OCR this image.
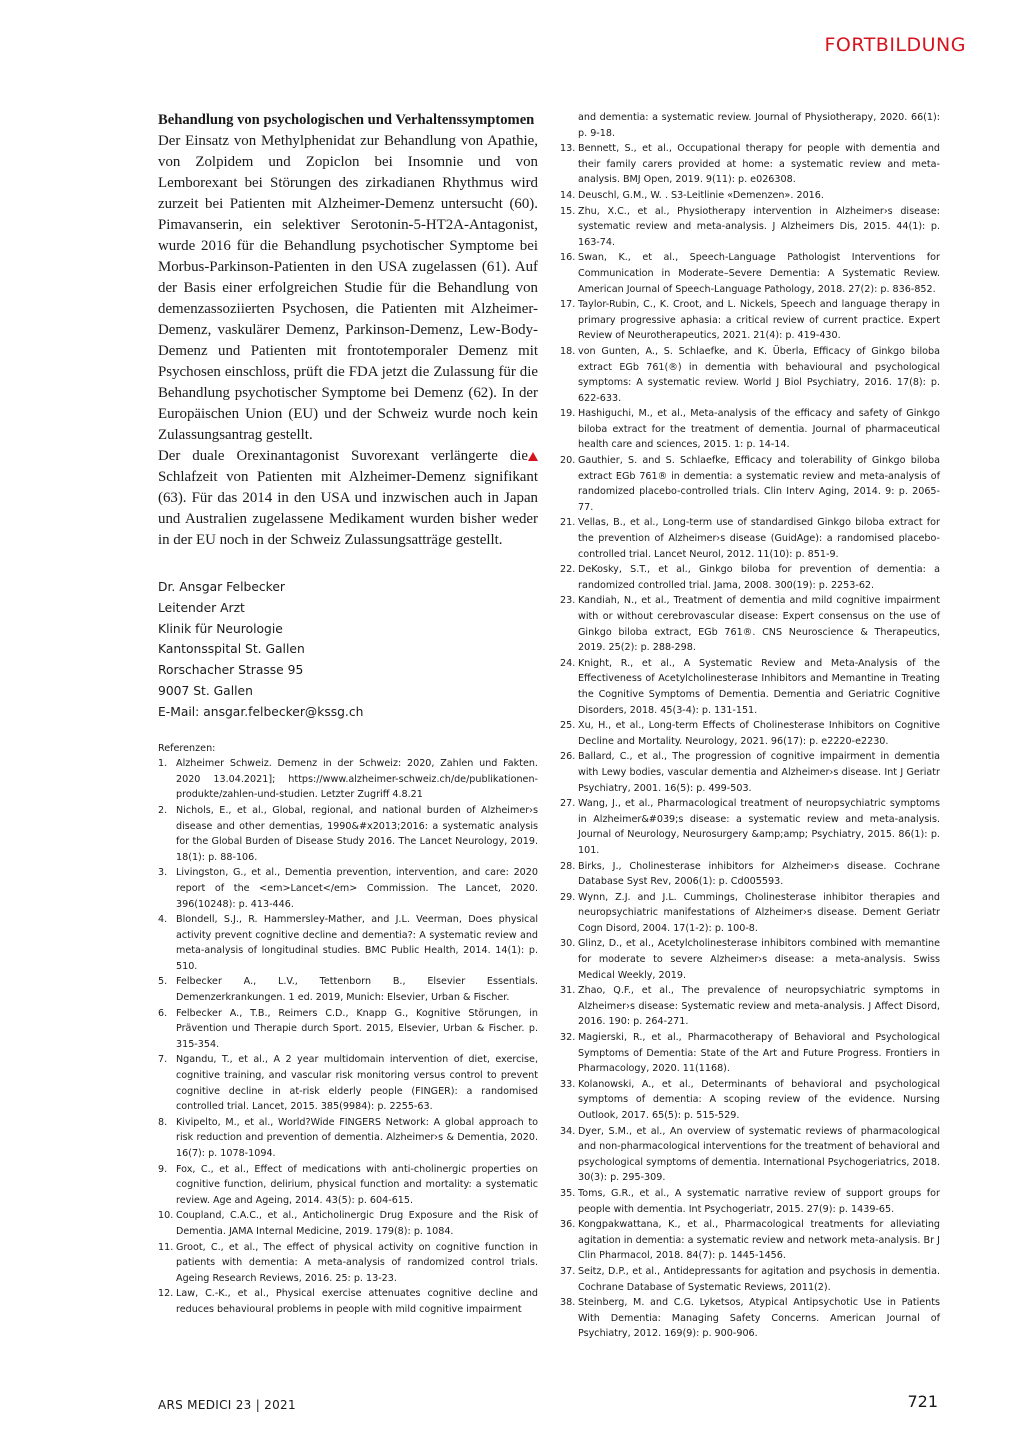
FORTBILDUNG

Behandlung von psychologischen und Verhaltenssymptomen

Der Einsatz von Methylphenidat zur Behandlung von Apathie, von Zolpidem und Zopiclon bei Insomnie und von Lemborexant bei Störungen des zirkadianen Rhythmus wird zurzeit bei Patienten mit Alzheimer-Demenz untersucht (60). Pimavanserin, ein selektiver Serotonin-5-HT2A-Antagonist, wurde 2016 für die Behandlung psychotischer Symptome bei Morbus-Parkinson-Patienten in den USA zugelassen (61). Auf der Basis einer erfolgreichen Studie für die Behandlung von demenzassoziierten Psychosen, die Patienten mit Alzheimer-Demenz, vaskulärer Demenz, Parkinson-Demenz, Lew-Body-Demenz und Patienten mit frontotemporaler Demenz mit Psychosen einschloss, prüft die FDA jetzt die Zulassung für die Behandlung psychotischer Symptome bei Demenz (62). In der Europäischen Union (EU) und der Schweiz wurde noch kein Zulassungsantrag gestellt.

Der duale Orexinantagonist Suvorexant verlängerte die Schlafzeit von Patienten mit Alzheimer-Demenz signifikant (63). Für das 2014 in den USA und inzwischen auch in Japan und Australien zugelassene Medikament wurden bisher weder in der EU noch in der Schweiz Zulassungsatträge gestellt.

Dr. Ansgar Felbecker
Leitender Arzt
Klinik für Neurologie
Kantonsspital St. Gallen
Rorschacher Strasse 95
9007 St. Gallen
E-Mail: ansgar.felbecker@kssg.ch
Referenzen:
1. Alzheimer Schweiz. Demenz in der Schweiz: 2020, Zahlen und Fakten. 2020 13.04.2021]; https://www.alzheimer-schweiz.ch/de/publikationen-produkte/zahlen-und-studien. Letzter Zugriff 4.8.21
2. Nichols, E., et al., Global, regional, and national burden of Alzheimer›s disease and other dementias, 1990&#x2013;2016: a systematic analysis for the Global Burden of Disease Study 2016. The Lancet Neurology, 2019. 18(1): p. 88-106.
3. Livingston, G., et al., Dementia prevention, intervention, and care: 2020 report of the <em>Lancet</em> Commission. The Lancet, 2020. 396(10248): p. 413-446.
4. Blondell, S.J., R. Hammersley-Mather, and J.L. Veerman, Does physical activity prevent cognitive decline and dementia?: A systematic review and meta-analysis of longitudinal studies. BMC Public Health, 2014. 14(1): p. 510.
5. Felbecker A., L.V., Tettenborn B., Elsevier Essentials. Demenzerkrankungen. 1 ed. 2019, Munich: Elsevier, Urban & Fischer.
6. Felbecker A., T.B., Reimers C.D., Knapp G., Kognitive Störungen, in Prävention und Therapie durch Sport. 2015, Elsevier, Urban & Fischer. p. 315-354.
7. Ngandu, T., et al., A 2 year multidomain intervention of diet, exercise, cognitive training, and vascular risk monitoring versus control to prevent cognitive decline in at-risk elderly people (FINGER): a randomised controlled trial. Lancet, 2015. 385(9984): p. 2255-63.
8. Kivipelto, M., et al., World?Wide FINGERS Network: A global approach to risk reduction and prevention of dementia. Alzheimer›s & Dementia, 2020. 16(7): p. 1078-1094.
9. Fox, C., et al., Effect of medications with anti-cholinergic properties on cognitive function, delirium, physical function and mortality: a systematic review. Age and Ageing, 2014. 43(5): p. 604-615.
10. Coupland, C.A.C., et al., Anticholinergic Drug Exposure and the Risk of Dementia. JAMA Internal Medicine, 2019. 179(8): p. 1084.
11. Groot, C., et al., The effect of physical activity on cognitive function in patients with dementia: A meta-analysis of randomized control trials. Ageing Research Reviews, 2016. 25: p. 13-23.
12. Law, C.-K., et al., Physical exercise attenuates cognitive decline and reduces behavioural problems in people with mild cognitive impairment
and dementia: a systematic review. Journal of Physiotherapy, 2020. 66(1): p. 9-18.
13. Bennett, S., et al., Occupational therapy for people with dementia and their family carers provided at home: a systematic review and meta-analysis. BMJ Open, 2019. 9(11): p. e026308.
14. Deuschl, G.M., W. . S3-Leitlinie «Demenzen». 2016.
15. Zhu, X.C., et al., Physiotherapy intervention in Alzheimer›s disease: systematic review and meta-analysis. J Alzheimers Dis, 2015. 44(1): p. 163-74.
16. Swan, K., et al., Speech-Language Pathologist Interventions for Communication in Moderate–Severe Dementia: A Systematic Review. American Journal of Speech-Language Pathology, 2018. 27(2): p. 836-852.
17. Taylor-Rubin, C., K. Croot, and L. Nickels, Speech and language therapy in primary progressive aphasia: a critical review of current practice. Expert Review of Neurotherapeutics, 2021. 21(4): p. 419-430.
18. von Gunten, A., S. Schlaefke, and K. Überla, Efficacy of Ginkgo biloba extract EGb 761(®) in dementia with behavioural and psychological symptoms: A systematic review. World J Biol Psychiatry, 2016. 17(8): p. 622-633.
19. Hashiguchi, M., et al., Meta-analysis of the efficacy and safety of Ginkgo biloba extract for the treatment of dementia. Journal of pharmaceutical health care and sciences, 2015. 1: p. 14-14.
20. Gauthier, S. and S. Schlaefke, Efficacy and tolerability of Ginkgo biloba extract EGb 761® in dementia: a systematic review and meta-analysis of randomized placebo-controlled trials. Clin Interv Aging, 2014. 9: p. 2065-77.
21. Vellas, B., et al., Long-term use of standardised Ginkgo biloba extract for the prevention of Alzheimer›s disease (GuidAge): a randomised placebo-controlled trial. Lancet Neurol, 2012. 11(10): p. 851-9.
22. DeKosky, S.T., et al., Ginkgo biloba for prevention of dementia: a randomized controlled trial. Jama, 2008. 300(19): p. 2253-62.
23. Kandiah, N., et al., Treatment of dementia and mild cognitive impairment with or without cerebrovascular disease: Expert consensus on the use of Ginkgo biloba extract, EGb 761®. CNS Neuroscience & Therapeutics, 2019. 25(2): p. 288-298.
24. Knight, R., et al., A Systematic Review and Meta-Analysis of the Effectiveness of Acetylcholinesterase Inhibitors and Memantine in Treating the Cognitive Symptoms of Dementia. Dementia and Geriatric Cognitive Disorders, 2018. 45(3-4): p. 131-151.
25. Xu, H., et al., Long-term Effects of Cholinesterase Inhibitors on Cognitive Decline and Mortality. Neurology, 2021. 96(17): p. e2220-e2230.
26. Ballard, C., et al., The progression of cognitive impairment in dementia with Lewy bodies, vascular dementia and Alzheimer›s disease. Int J Geriatr Psychiatry, 2001. 16(5): p. 499-503.
27. Wang, J., et al., Pharmacological treatment of neuropsychiatric symptoms in Alzheimer&#039;s disease: a systematic review and meta-analysis. Journal of Neurology, Neurosurgery &amp;amp; Psychiatry, 2015. 86(1): p. 101.
28. Birks, J., Cholinesterase inhibitors for Alzheimer›s disease. Cochrane Database Syst Rev, 2006(1): p. Cd005593.
29. Wynn, Z.J. and J.L. Cummings, Cholinesterase inhibitor therapies and neuropsychiatric manifestations of Alzheimer›s disease. Dement Geriatr Cogn Disord, 2004. 17(1-2): p. 100-8.
30. Glinz, D., et al., Acetylcholinesterase inhibitors combined with memantine for moderate to severe Alzheimer›s disease: a meta-analysis. Swiss Medical Weekly, 2019.
31. Zhao, Q.F., et al., The prevalence of neuropsychiatric symptoms in Alzheimer›s disease: Systematic review and meta-analysis. J Affect Disord, 2016. 190: p. 264-271.
32. Magierski, R., et al., Pharmacotherapy of Behavioral and Psychological Symptoms of Dementia: State of the Art and Future Progress. Frontiers in Pharmacology, 2020. 11(1168).
33. Kolanowski, A., et al., Determinants of behavioral and psychological symptoms of dementia: A scoping review of the evidence. Nursing Outlook, 2017. 65(5): p. 515-529.
34. Dyer, S.M., et al., An overview of systematic reviews of pharmacological and non-pharmacological interventions for the treatment of behavioral and psychological symptoms of dementia. International Psychogeriatrics, 2018. 30(3): p. 295-309.
35. Toms, G.R., et al., A systematic narrative review of support groups for people with dementia. Int Psychogeriatr, 2015. 27(9): p. 1439-65.
36. Kongpakwattana, K., et al., Pharmacological treatments for alleviating agitation in dementia: a systematic review and network meta-analysis. Br J Clin Pharmacol, 2018. 84(7): p. 1445-1456.
37. Seitz, D.P., et al., Antidepressants for agitation and psychosis in dementia. Cochrane Database of Systematic Reviews, 2011(2).
38. Steinberg, M. and C.G. Lyketsos, Atypical Antipsychotic Use in Patients With Dementia: Managing Safety Concerns. American Journal of Psychiatry, 2012. 169(9): p. 900-906.
ARS MEDICI 23 | 2021	721
